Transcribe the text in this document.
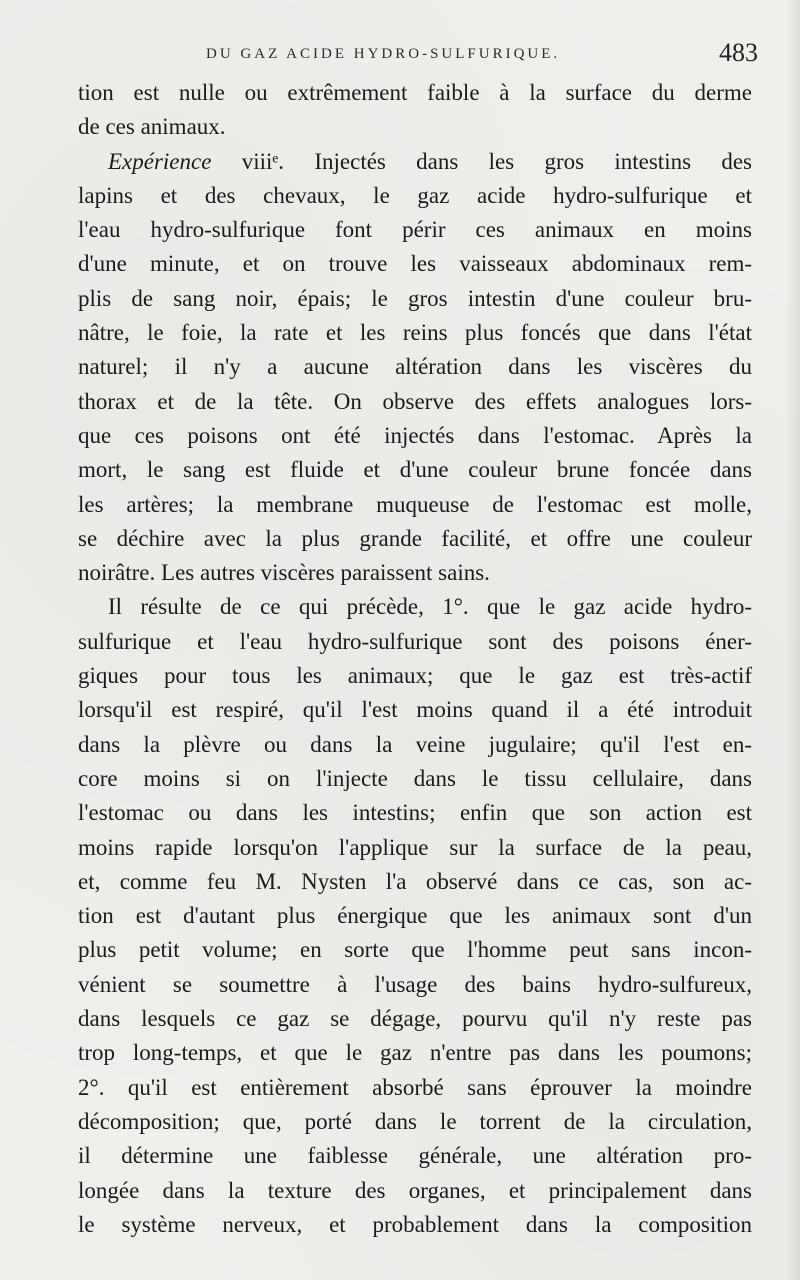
DU GAZ ACIDE HYDRO-SULFURIQUE.	483
tion est nulle ou extrêmement faible à la surface du derme
de ces animaux.
Expérience viiiᵉ. Injectés dans les gros intestins des
lapins et des chevaux, le gaz acide hydro-sulfurique et
l'eau hydro-sulfurique font périr ces animaux en moins
d'une minute, et on trouve les vaisseaux abdominaux rem-
plis de sang noir, épais; le gros intestin d'une couleur bru-
nâtre, le foie, la rate et les reins plus foncés que dans l'état
naturel; il n'y a aucune altération dans les viscères du
thorax et de la tête. On observe des effets analogues lors-
que ces poisons ont été injectés dans l'estomac. Après la
mort, le sang est fluide et d'une couleur brune foncée dans
les artères; la membrane muqueuse de l'estomac est molle,
se déchire avec la plus grande facilité, et offre une couleur
noirâtre. Les autres viscères paraissent sains.
Il résulte de ce qui précède, 1°. que le gaz acide hydro-
sulfurique et l'eau hydro-sulfurique sont des poisons éner-
giques pour tous les animaux; que le gaz est très-actif
lorsqu'il est respiré, qu'il l'est moins quand il a été introduit
dans la plèvre ou dans la veine jugulaire; qu'il l'est en-
core moins si on l'injecte dans le tissu cellulaire, dans
l'estomac ou dans les intestins; enfin que son action est
moins rapide lorsqu'on l'applique sur la surface de la peau,
et, comme feu M. Nysten l'a observé dans ce cas, son ac-
tion est d'autant plus énergique que les animaux sont d'un
plus petit volume; en sorte que l'homme peut sans incon-
vénient se soumettre à l'usage des bains hydro-sulfureux,
dans lesquels ce gaz se dégage, pourvu qu'il n'y reste pas
trop long-temps, et que le gaz n'entre pas dans les poumons;
2°. qu'il est entièrement absorbé sans éprouver la moindre
décomposition; que, porté dans le torrent de la circulation,
il détermine une faiblesse générale, une altération pro-
longée dans la texture des organes, et principalement dans
le système nerveux, et probablement dans la composition
